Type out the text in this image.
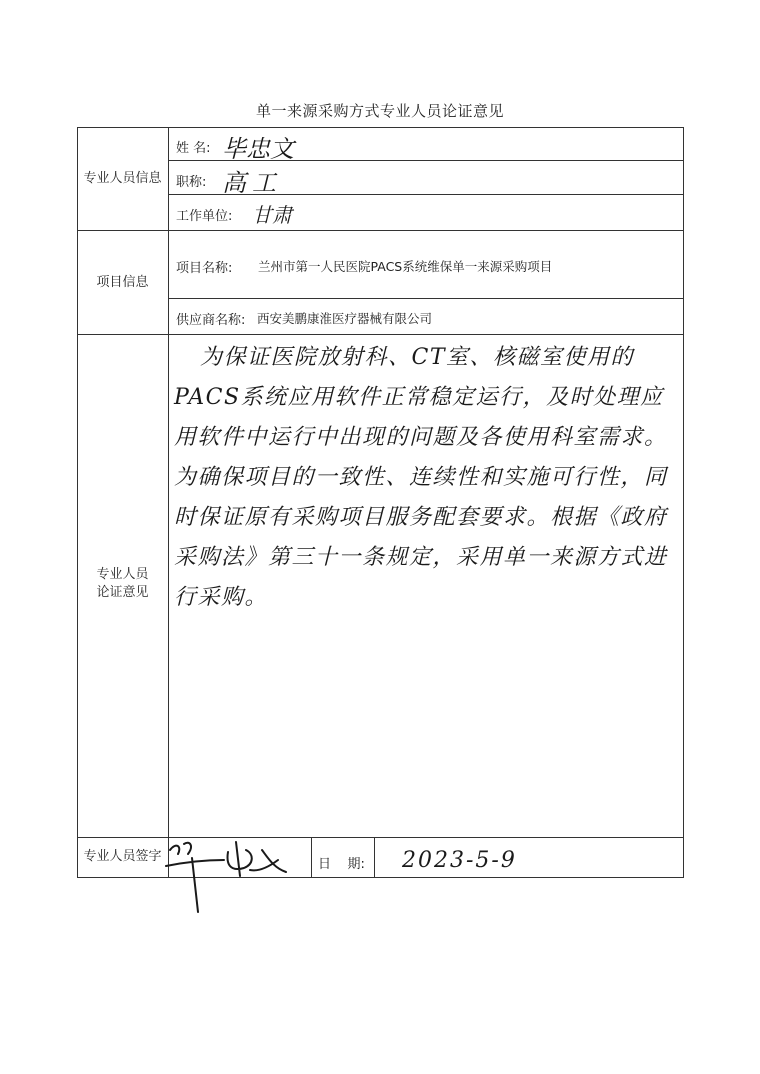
单一来源采购方式专业人员论证意见
专业人员信息
姓 名: 毕忠文
职称: 高工
工作单位: 甘肃
项目信息
项目名称: 兰州市第一人民医院PACS系统维保单一来源采购项目
供应商名称: 西安美鹏康淮医疗器械有限公司
专业人员
论证意见
为保证医院放射科、CT室、核磁室使用的PACS系统应用软件正常稳定运行，及时处理应用软件中运行中出现的问题及各使用科室需求。为确保项目的一致性、连续性和实施可行性，同时保证原有采购项目服务配套要求。根据《政府采购法》第三十一条规定，采用单一来源方式进行采购。
专业人员签字
日    期: 2023-5-9
